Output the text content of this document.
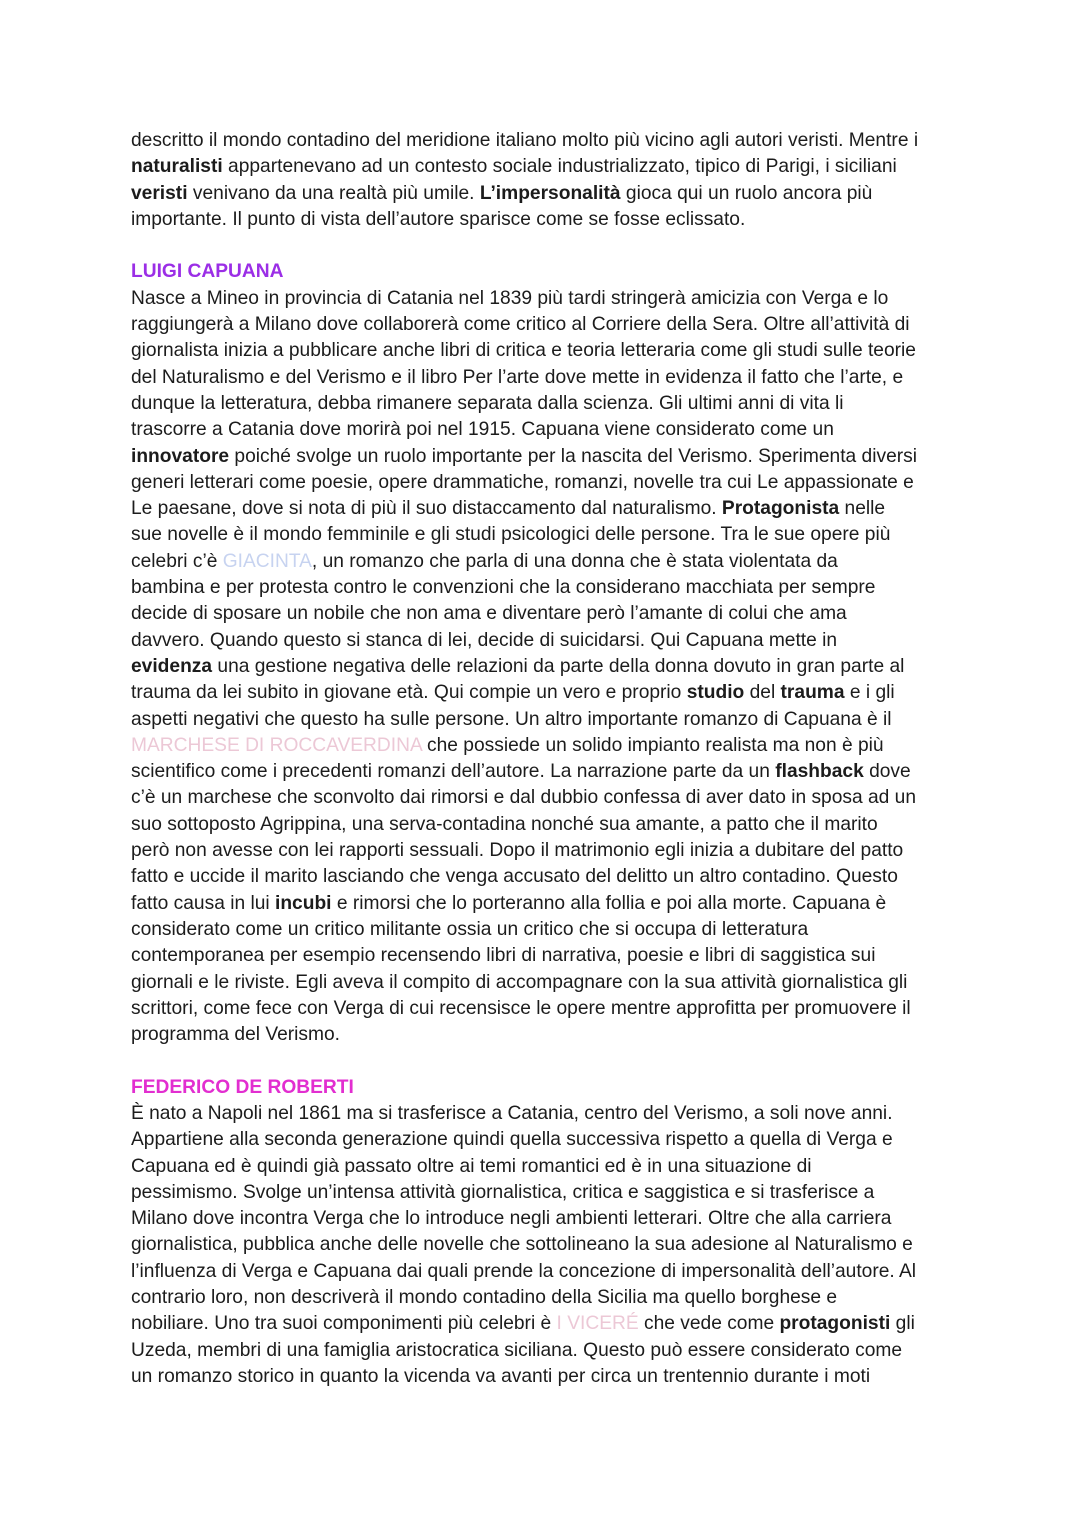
descritto il mondo contadino del meridione italiano molto più vicino agli autori veristi. Mentre i
naturalisti appartenevano ad un contesto sociale industrializzato, tipico di Parigi, i siciliani
veristi venivano da una realtà più umile. L’impersonalità gioca qui un ruolo ancora più
importante. Il punto di vista dell’autore sparisce come se fosse eclissato.
LUIGI CAPUANA
Nasce a Mineo in provincia di Catania nel 1839 più tardi stringerà amicizia con Verga e lo
raggiungerà a Milano dove collaborerà come critico al Corriere della Sera. Oltre all’attività di
giornalista inizia a pubblicare anche libri di critica e teoria letteraria come gli studi sulle teorie
del Naturalismo e del Verismo e il libro Per l’arte dove mette in evidenza il fatto che l’arte, e
dunque la letteratura, debba rimanere separata dalla scienza. Gli ultimi anni di vita li
trascorre a Catania dove morirà poi nel 1915. Capuana viene considerato come un
innovatore poiché svolge un ruolo importante per la nascita del Verismo. Sperimenta diversi
generi letterari come poesie, opere drammatiche, romanzi, novelle tra cui Le appassionate e
Le paesane, dove si nota di più il suo distaccamento dal naturalismo. Protagonista nelle
sue novelle è il mondo femminile e gli studi psicologici delle persone. Tra le sue opere più
celebri c’è GIACINTA, un romanzo che parla di una donna che è stata violentata da
bambina e per protesta contro le convenzioni che la considerano macchiata per sempre
decide di sposare un nobile che non ama e diventare però l’amante di colui che ama
davvero. Quando questo si stanca di lei, decide di suicidarsi. Qui Capuana mette in
evidenza una gestione negativa delle relazioni da parte della donna dovuto in gran parte al
trauma da lei subito in giovane età. Qui compie un vero e proprio studio del trauma e i gli
aspetti negativi che questo ha sulle persone. Un altro importante romanzo di Capuana è il
MARCHESE DI ROCCAVERDINA che possiede un solido impianto realista ma non è più
scientifico come i precedenti romanzi dell’autore. La narrazione parte da un flashback dove
c’è un marchese che sconvolto dai rimorsi e dal dubbio confessa di aver dato in sposa ad un
suo sottoposto Agrippina, una serva-contadina nonché sua amante, a patto che il marito
però non avesse con lei rapporti sessuali. Dopo il matrimonio egli inizia a dubitare del patto
fatto e uccide il marito lasciando che venga accusato del delitto un altro contadino. Questo
fatto causa in lui incubi e rimorsi che lo porteranno alla follia e poi alla morte. Capuana è
considerato come un critico militante ossia un critico che si occupa di letteratura
contemporanea per esempio recensendo libri di narrativa, poesie e libri di saggistica sui
giornali e le riviste. Egli aveva il compito di accompagnare con la sua attività giornalistica gli
scrittori, come fece con Verga di cui recensisce le opere mentre approfitta per promuovere il
programma del Verismo.
FEDERICO DE ROBERTI
È nato a Napoli nel 1861 ma si trasferisce a Catania, centro del Verismo, a soli nove anni.
Appartiene alla seconda generazione quindi quella successiva rispetto a quella di Verga e
Capuana ed è quindi già passato oltre ai temi romantici ed è in una situazione di
pessimismo. Svolge un’intensa attività giornalistica, critica e saggistica e si trasferisce a
Milano dove incontra Verga che lo introduce negli ambienti letterari. Oltre che alla carriera
giornalistica, pubblica anche delle novelle che sottolineano la sua adesione al Naturalismo e
l’influenza di Verga e Capuana dai quali prende la concezione di impersonalità dell’autore. Al
contrario loro, non descriverà il mondo contadino della Sicilia ma quello borghese e
nobiliare. Uno tra suoi componimenti più celebri è I VICERÉ che vede come protagonisti gli
Uzeda, membri di una famiglia aristocratica siciliana. Questo può essere considerato come
un romanzo storico in quanto la vicenda va avanti per circa un trentennio durante i moti
